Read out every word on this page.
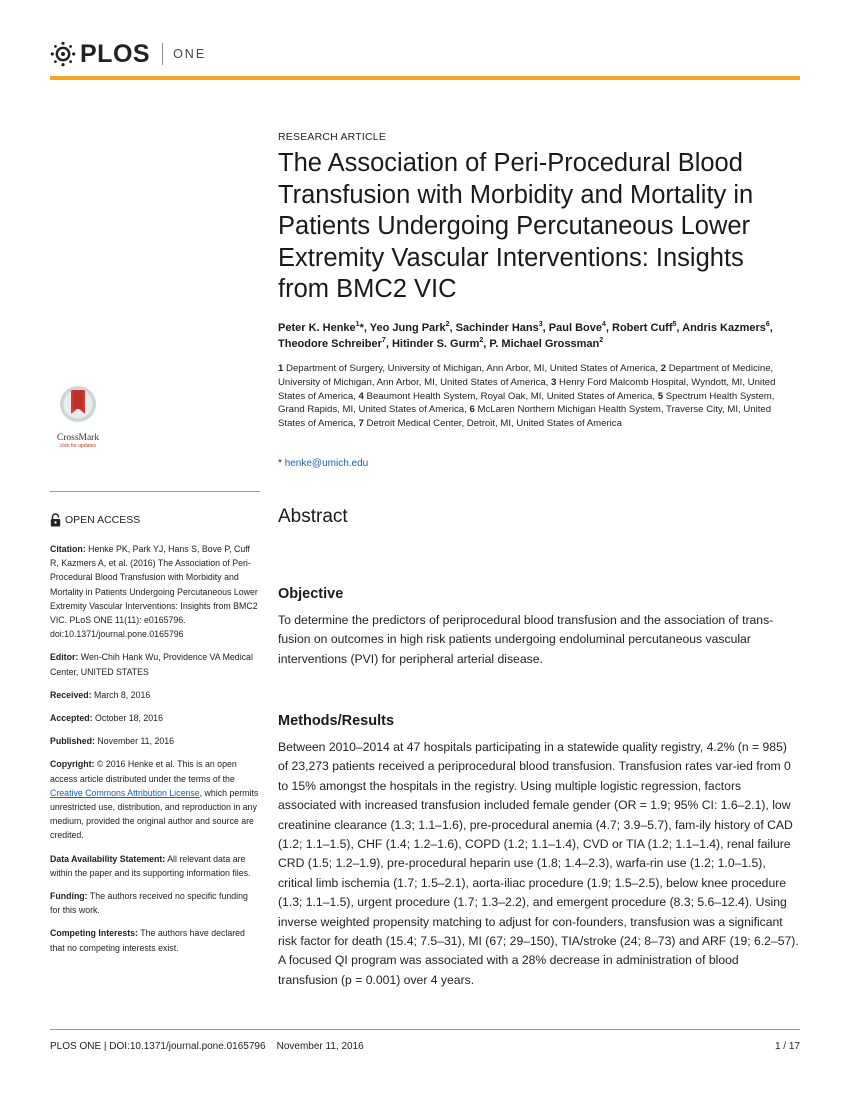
PLOS ONE
RESEARCH ARTICLE
The Association of Peri-Procedural Blood Transfusion with Morbidity and Mortality in Patients Undergoing Percutaneous Lower Extremity Vascular Interventions: Insights from BMC2 VIC
Peter K. Henke$^1$*, Yeo Jung Park$^2$, Sachinder Hans$^3$, Paul Bove$^4$, Robert Cuff$^5$, Andris Kazmers$^6$, Theodore Schreiber$^7$, Hitinder S. Gurm$^2$, P. Michael Grossman$^2$
1 Department of Surgery, University of Michigan, Ann Arbor, MI, United States of America, 2 Department of Medicine, University of Michigan, Ann Arbor, MI, United States of America, 3 Henry Ford Malcomb Hospital, Wyndott, MI, United States of America, 4 Beaumont Health System, Royal Oak, MI, United States of America, 5 Spectrum Health System, Grand Rapids, MI, United States of America, 6 McLaren Northern Michigan Health System, Traverse City, MI, United States of America, 7 Detroit Medical Center, Detroit, MI, United States of America
* henke@umich.edu
CrossMark
click for updates
OPEN ACCESS
Citation: Henke PK, Park YJ, Hans S, Bove P, Cuff R, Kazmers A, et al. (2016) The Association of Peri-Procedural Blood Transfusion with Morbidity and Mortality in Patients Undergoing Percutaneous Lower Extremity Vascular Interventions: Insights from BMC2 VIC. PLoS ONE 11(11): e0165796. doi:10.1371/journal.pone.0165796
Editor: Wen-Chih Hank Wu, Providence VA Medical Center, UNITED STATES
Received: March 8, 2016
Accepted: October 18, 2016
Published: November 11, 2016
Copyright: © 2016 Henke et al. This is an open access article distributed under the terms of the Creative Commons Attribution License, which permits unrestricted use, distribution, and reproduction in any medium, provided the original author and source are credited.
Data Availability Statement: All relevant data are within the paper and its supporting information files.
Funding: The authors received no specific funding for this work.
Competing Interests: The authors have declared that no competing interests exist.
Abstract
Objective

To determine the predictors of periprocedural blood transfusion and the association of trans-fusion on outcomes in high risk patients undergoing endoluminal percutaneous vascular interventions (PVI) for peripheral arterial disease.

Methods/Results

Between 2010–2014 at 47 hospitals participating in a statewide quality registry, 4.2% (n = 985) of 23,273 patients received a periprocedural blood transfusion. Transfusion rates var-ied from 0 to 15% amongst the hospitals in the registry. Using multiple logistic regression, factors associated with increased transfusion included female gender (OR = 1.9; 95% CI: 1.6–2.1), low creatinine clearance (1.3; 1.1–1.6), pre-procedural anemia (4.7; 3.9–5.7), fam-ily history of CAD (1.2; 1.1–1.5), CHF (1.4; 1.2–1.6), COPD (1.2; 1.1–1.4), CVD or TIA (1.2; 1.1–1.4), renal failure CRD (1.5; 1.2–1.9), pre-procedural heparin use (1.8; 1.4–2.3), warfa-rin use (1.2; 1.0–1.5), critical limb ischemia (1.7; 1.5–2.1), aorta-iliac procedure (1.9; 1.5–2.5), below knee procedure (1.3; 1.1–1.5), urgent procedure (1.7; 1.3–2.2), and emergent procedure (8.3; 5.6–12.4). Using inverse weighted propensity matching to adjust for con-founders, transfusion was a significant risk factor for death (15.4; 7.5–31), MI (67; 29–150), TIA/stroke (24; 8–73) and ARF (19; 6.2–57). A focused QI program was associated with a 28% decrease in administration of blood transfusion (p = 0.001) over 4 years.

PLOS ONE | DOI:10.1371/journal.pone.0165796    November 11, 2016	1 / 17
